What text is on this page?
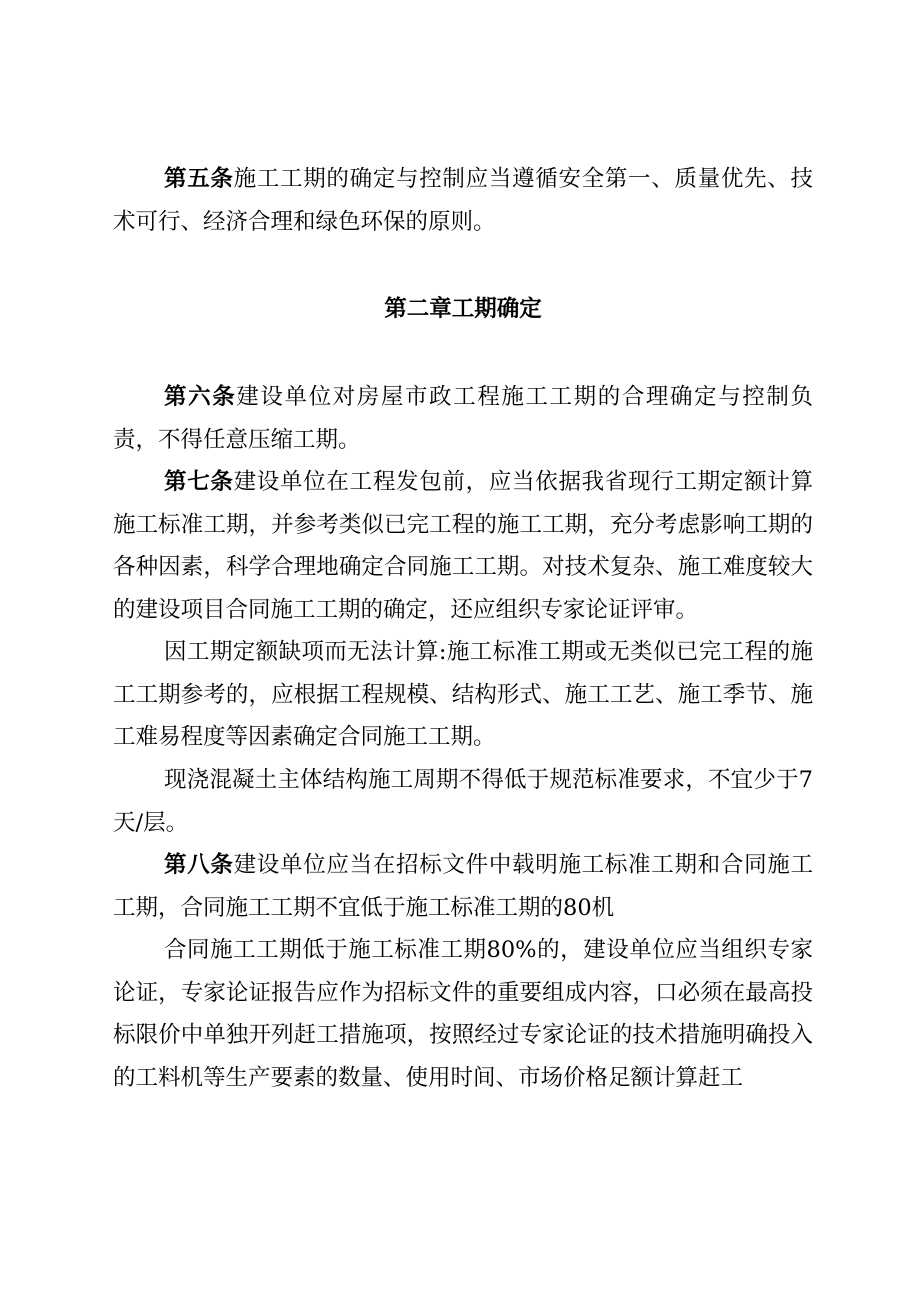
第五条施工工期的确定与控制应当遵循安全第一、质量优先、技术可行、经济合理和绿色环保的原则。

第二章工期确定

第六条建设单位对房屋市政工程施工工期的合理确定与控制负责，不得任意压缩工期。

第七条建设单位在工程发包前，应当依据我省现行工期定额计算施工标准工期，并参考类似已完工程的施工工期，充分考虑影响工期的各种因素，科学合理地确定合同施工工期。对技术复杂、施工难度较大的建设项目合同施工工期的确定，还应组织专家论证评审。

因工期定额缺项而无法计算:施工标准工期或无类似已完工程的施工工期参考的，应根据工程规模、结构形式、施工工艺、施工季节、施工难易程度等因素确定合同施工工期。

现浇混凝土主体结构施工周期不得低于规范标准要求，不宜少于7天/层。

第八条建设单位应当在招标文件中载明施工标准工期和合同施工工期，合同施工工期不宜低于施工标准工期的80机

合同施工工期低于施工标准工期80%的，建设单位应当组织专家论证，专家论证报告应作为招标文件的重要组成内容，口必须在最高投标限价中单独开列赶工措施项，按照经过专家论证的技术措施明确投入的工料机等生产要素的数量、使用时间、市场价格足额计算赶工
